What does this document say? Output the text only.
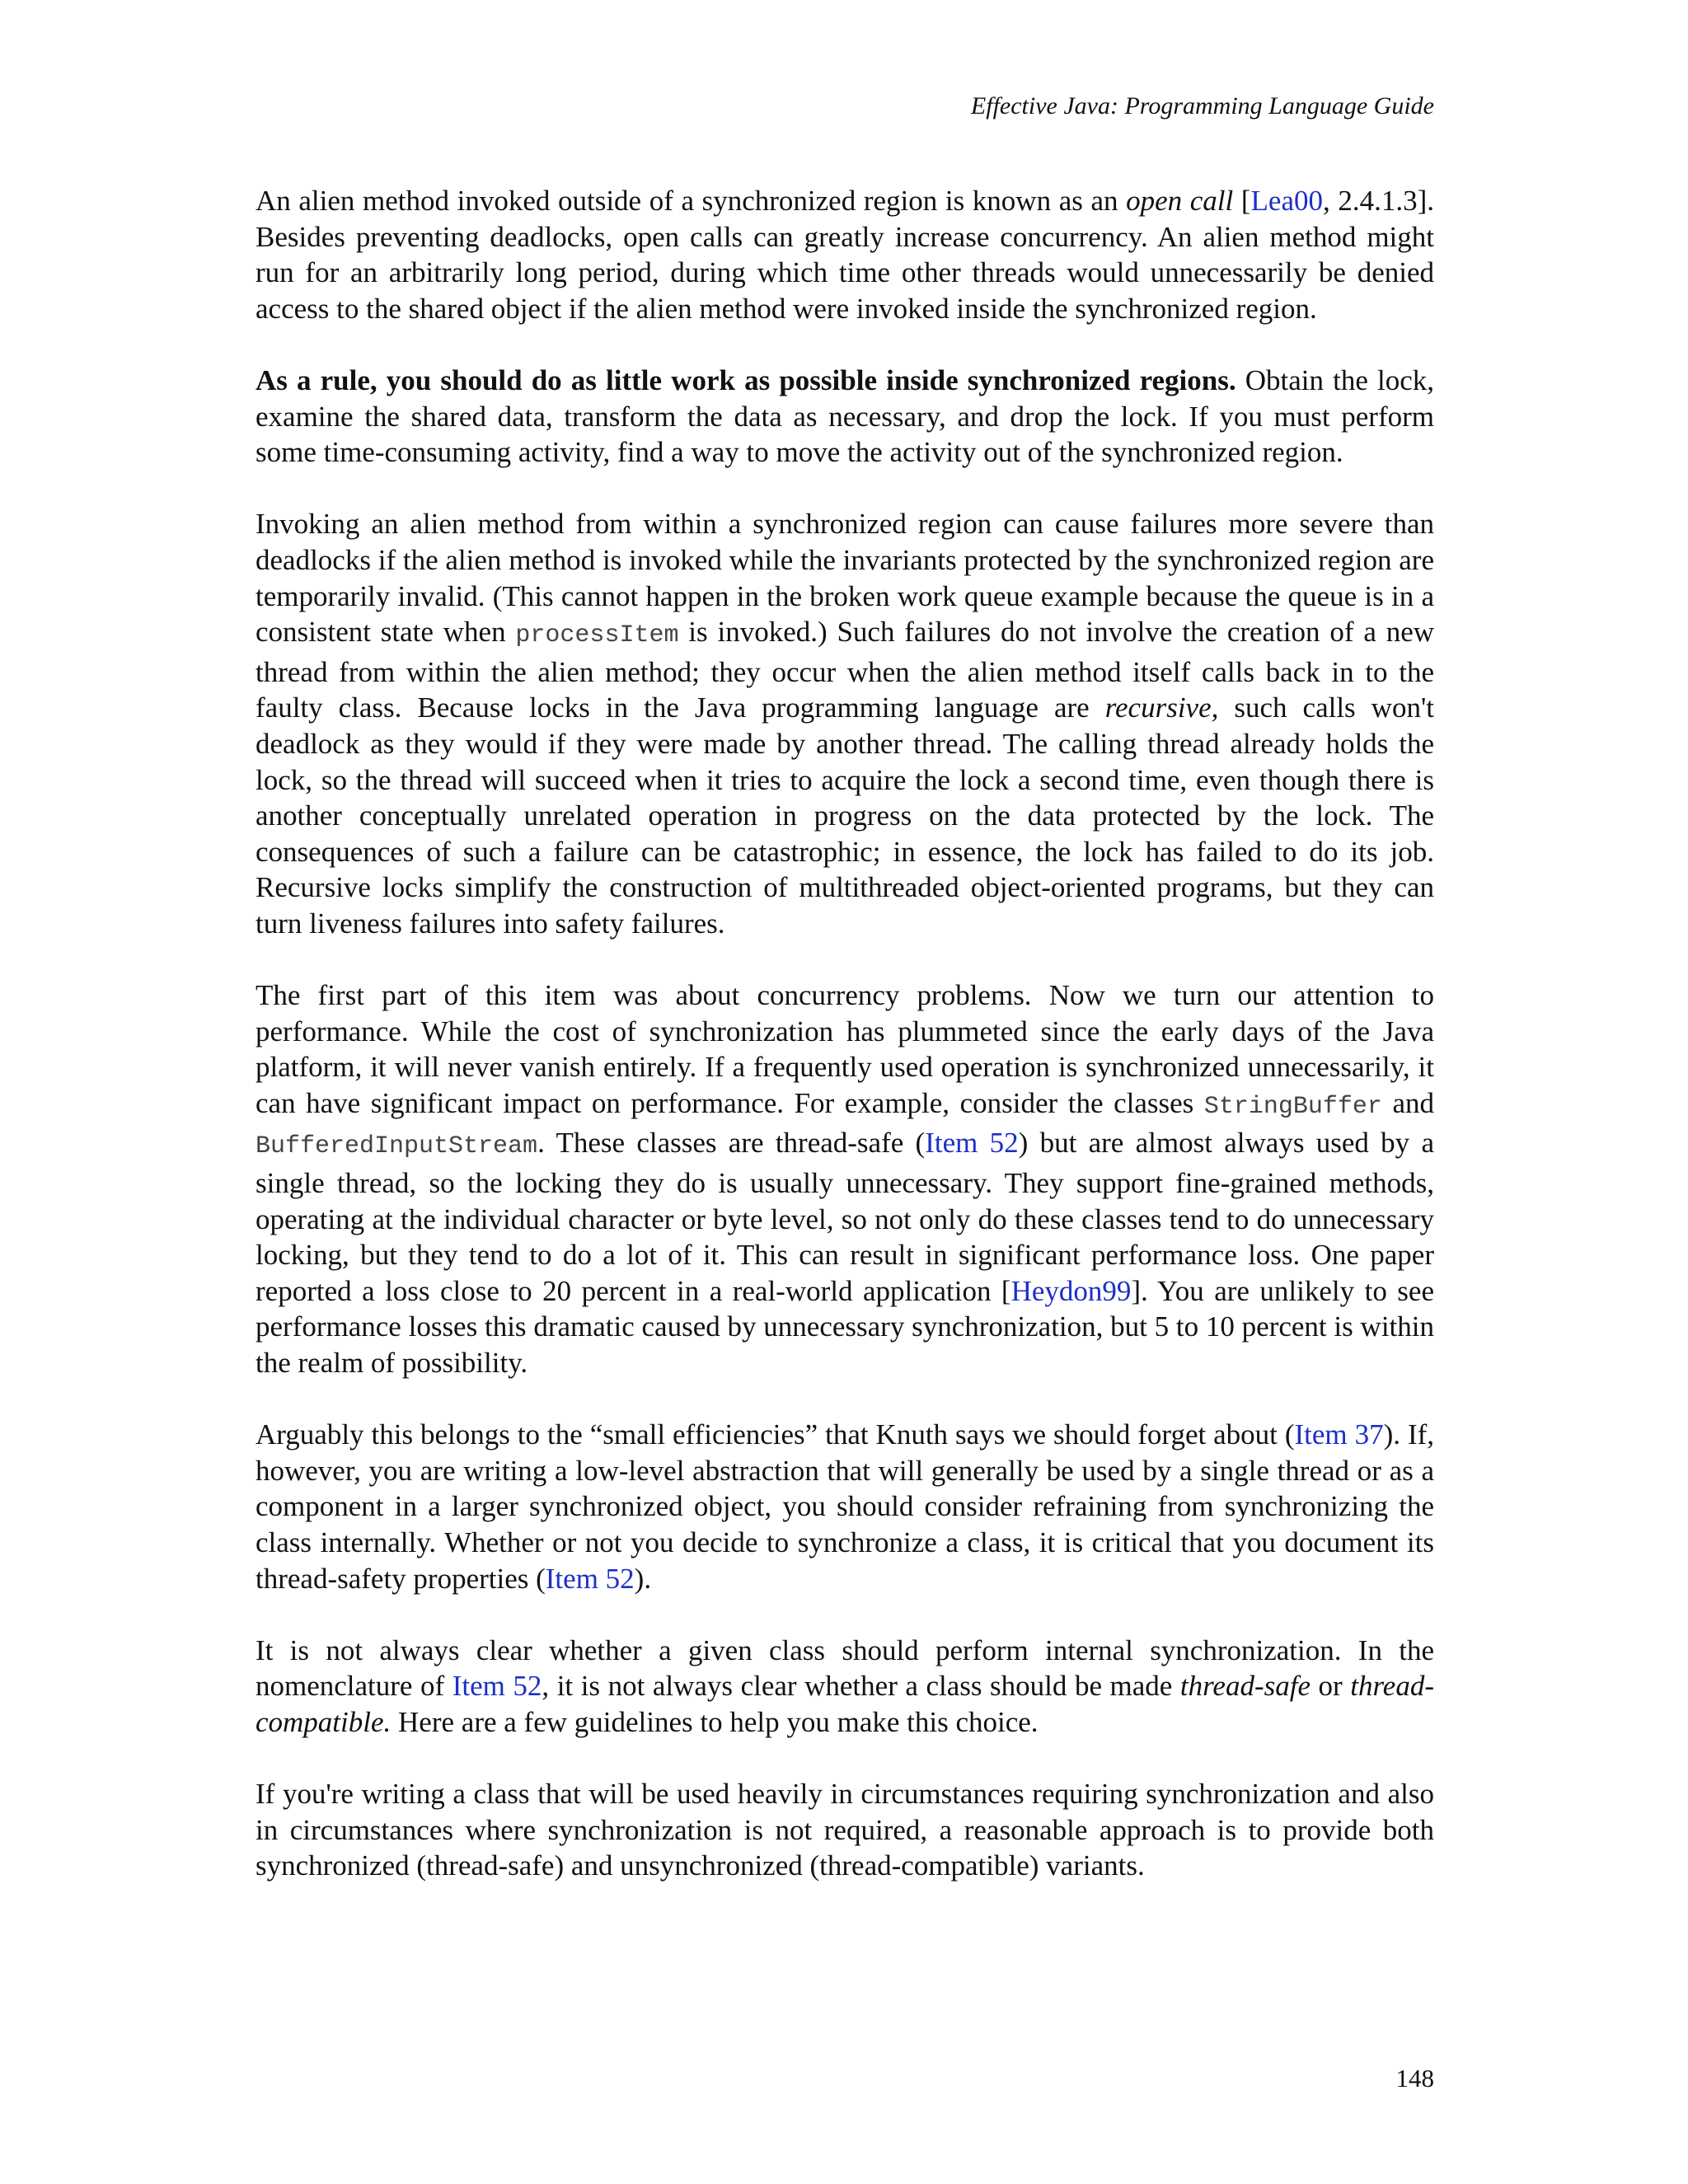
Effective Java: Programming Language Guide

An alien method invoked outside of a synchronized region is known as an open call [Lea00, 2.4.1.3]. Besides preventing deadlocks, open calls can greatly increase concurrency. An alien method might run for an arbitrarily long period, during which time other threads would unnecessarily be denied access to the shared object if the alien method were invoked inside the synchronized region.

As a rule, you should do as little work as possible inside synchronized regions. Obtain the lock, examine the shared data, transform the data as necessary, and drop the lock. If you must perform some time-consuming activity, find a way to move the activity out of the synchronized region.

Invoking an alien method from within a synchronized region can cause failures more severe than deadlocks if the alien method is invoked while the invariants protected by the synchronized region are temporarily invalid. (This cannot happen in the broken work queue example because the queue is in a consistent state when processItem is invoked.) Such failures do not involve the creation of a new thread from within the alien method; they occur when the alien method itself calls back in to the faulty class. Because locks in the Java programming language are recursive, such calls won't deadlock as they would if they were made by another thread. The calling thread already holds the lock, so the thread will succeed when it tries to acquire the lock a second time, even though there is another conceptually unrelated operation in progress on the data protected by the lock. The consequences of such a failure can be catastrophic; in essence, the lock has failed to do its job. Recursive locks simplify the construction of multithreaded object-oriented programs, but they can turn liveness failures into safety failures.

The first part of this item was about concurrency problems. Now we turn our attention to performance. While the cost of synchronization has plummeted since the early days of the Java platform, it will never vanish entirely. If a frequently used operation is synchronized unnecessarily, it can have significant impact on performance. For example, consider the classes StringBuffer and BufferedInputStream. These classes are thread-safe (Item 52) but are almost always used by a single thread, so the locking they do is usually unnecessary. They support fine-grained methods, operating at the individual character or byte level, so not only do these classes tend to do unnecessary locking, but they tend to do a lot of it. This can result in significant performance loss. One paper reported a loss close to 20 percent in a real-world application [Heydon99]. You are unlikely to see performance losses this dramatic caused by unnecessary synchronization, but 5 to 10 percent is within the realm of possibility.

Arguably this belongs to the “small efficiencies” that Knuth says we should forget about (Item 37). If, however, you are writing a low-level abstraction that will generally be used by a single thread or as a component in a larger synchronized object, you should consider refraining from synchronizing the class internally. Whether or not you decide to synchronize a class, it is critical that you document its thread-safety properties (Item 52).

It is not always clear whether a given class should perform internal synchronization. In the nomenclature of Item 52, it is not always clear whether a class should be made thread-safe or thread-compatible. Here are a few guidelines to help you make this choice.

If you're writing a class that will be used heavily in circumstances requiring synchronization and also in circumstances where synchronization is not required, a reasonable approach is to provide both synchronized (thread-safe) and unsynchronized (thread-compatible) variants.

148
